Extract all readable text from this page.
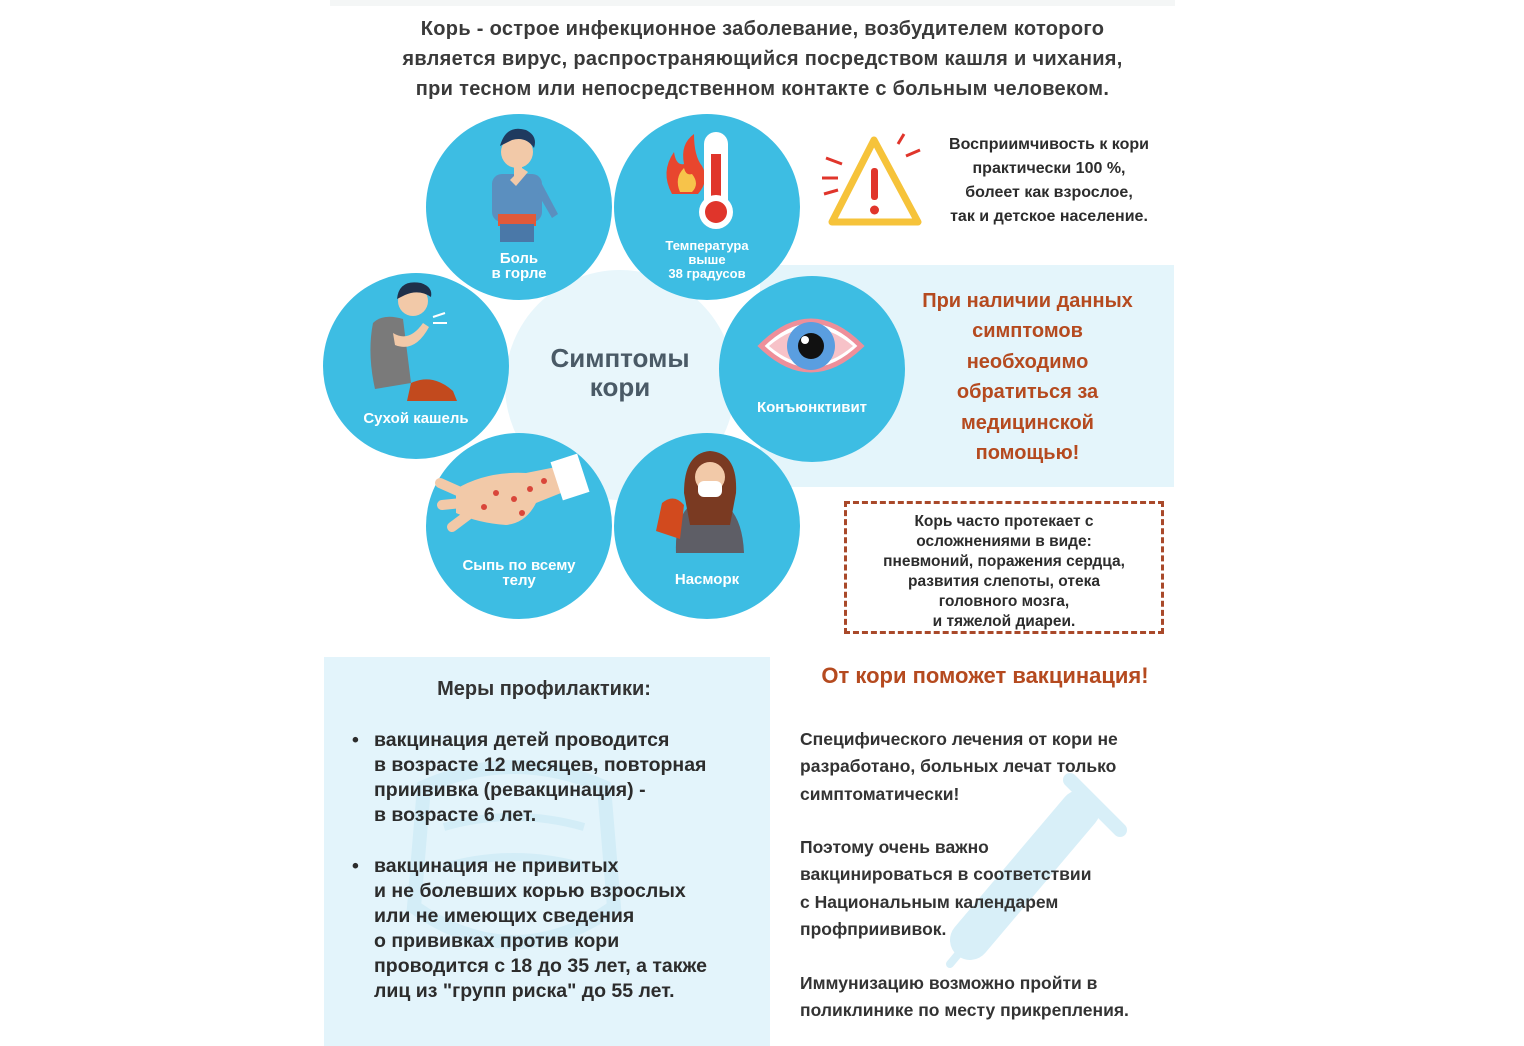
Корь - острое инфекционное заболевание, возбудителем которого
является вирус, распространяющийся посредством кашля и чихания,
при тесном или непосредственном контакте с больным человеком.
Симптомы
кори
Боль
в горле
Температура
выше
38 градусов
Сухой кашель
Конъюнктивит
Сыпь по всему
телу	Насморк
Восприимчивость к кори
практически 100 %,
болеет как взрослое,
так и детское население.
При наличии данных
симптомов
необходимо
обратиться за
медицинской
помощью!
Корь часто протекает с
осложнениями в виде:
пневмоний, поражения сердца,
развития слепоты, отека
головного мозга,
и тяжелой диареи.
Меры профилактики:
• вакцинация детей проводится
в возрасте 12 месяцев, повторная
приививка (ревакцинация) -
в возрасте 6 лет.
• вакцинация не привитых
и не болевших корью взрослых
или не имеющих сведения
о прививках против кори
проводится с 18 до 35 лет, а также
лиц из "групп риска" до 55 лет.
От кори поможет вакцинация!
Специфического лечения от кори не
разработано, больных лечат только
симптоматически!
Поэтому очень важно
вакцинироваться в соответствии
с Национальным календарем
профприививок.
Иммунизацию возможно пройти в
поликлинике по месту прикрепления.
